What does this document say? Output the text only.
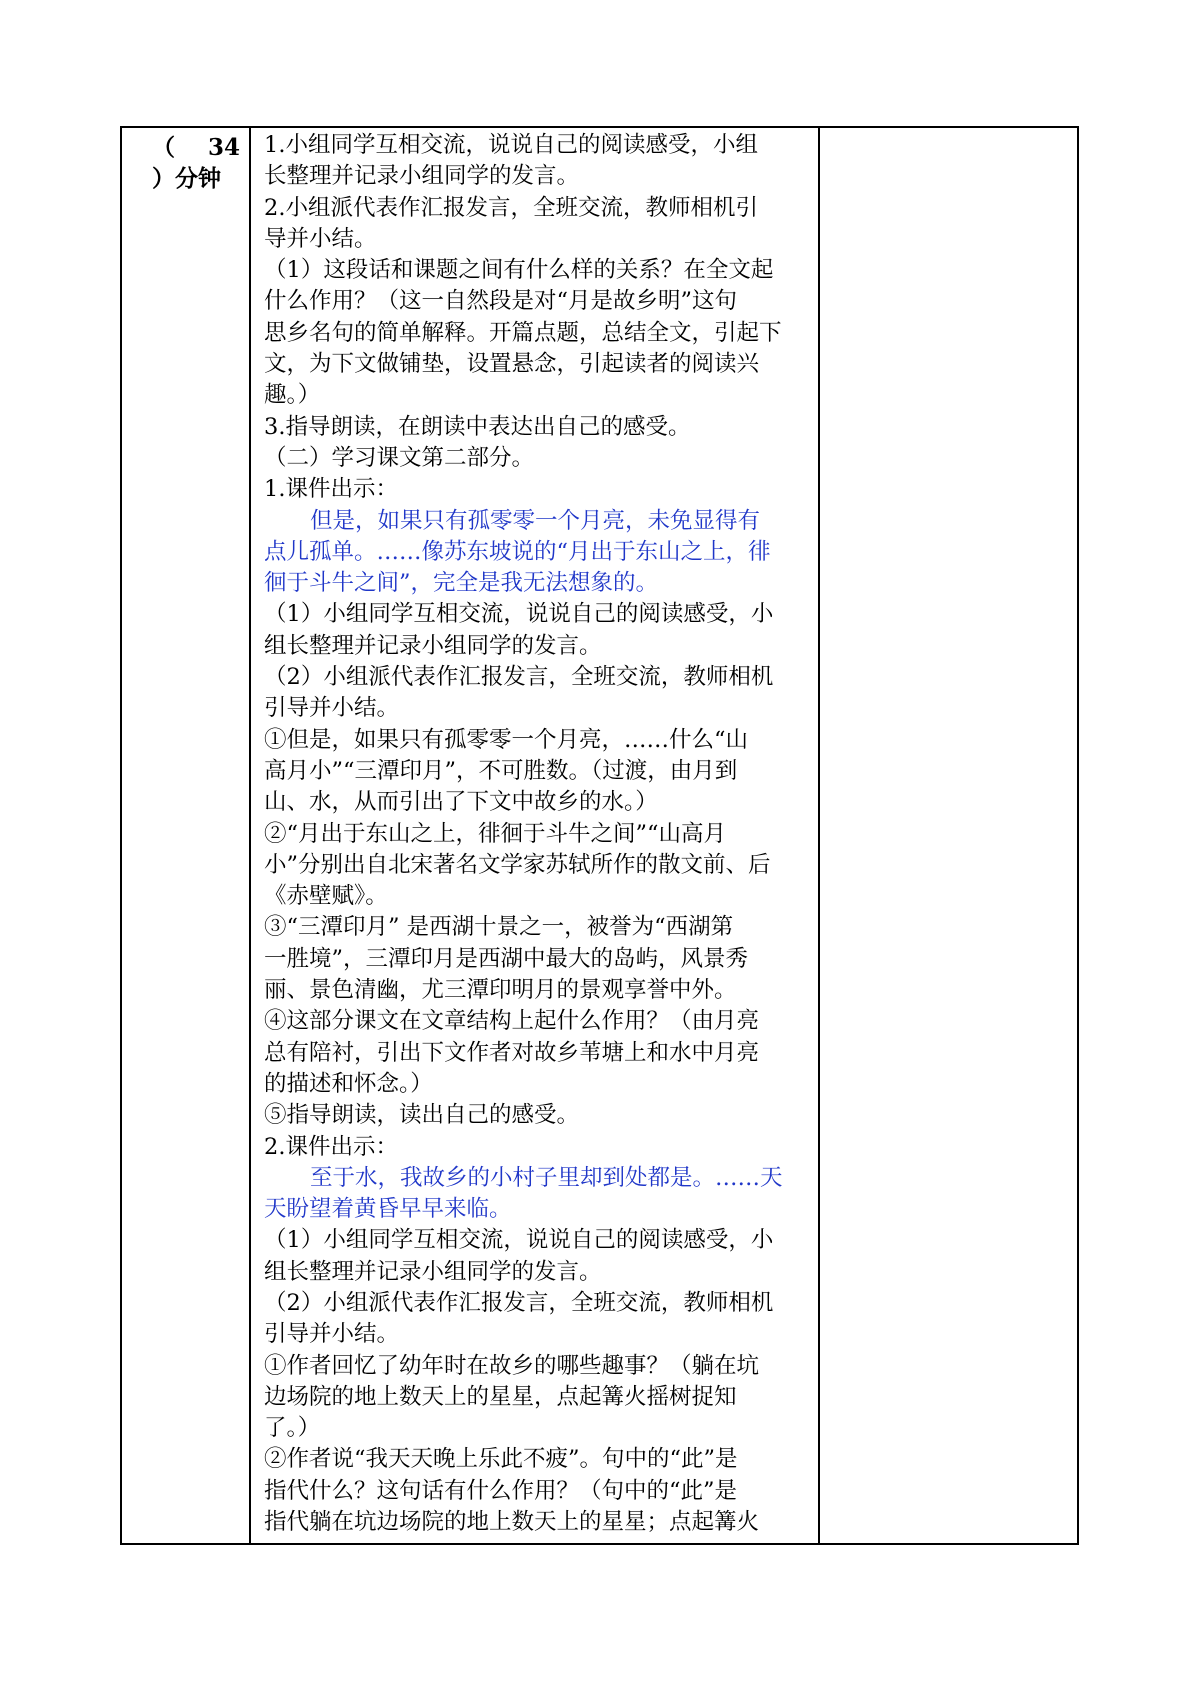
（ 34
）分钟
1.小组同学互相交流，说说自己的阅读感受，小组
长整理并记录小组同学的发言。
2.小组派代表作汇报发言，全班交流，教师相机引
导并小结。
（1）这段话和课题之间有什么样的关系？在全文起
什么作用？（这一自然段是对“月是故乡明”这句
思乡名句的简单解释。开篇点题，总结全文，引起下
文，为下文做铺垫，设置悬念，引起读者的阅读兴
趣。）
3.指导朗读，在朗读中表达出自己的感受。
（二）学习课文第二部分。
1.课件出示：
但是，如果只有孤零零一个月亮，未免显得有
点儿孤单。……像苏东坡说的“月出于东山之上，徘
徊于斗牛之间”，完全是我无法想象的。
（1）小组同学互相交流，说说自己的阅读感受，小
组长整理并记录小组同学的发言。
（2）小组派代表作汇报发言，全班交流，教师相机
引导并小结。
①但是，如果只有孤零零一个月亮，……什么“山
高月小”“三潭印月”，不可胜数。（过渡，由月到
山、水，从而引出了下文中故乡的水。）
②“月出于东山之上，徘徊于斗牛之间”“山高月
小”分别出自北宋著名文学家苏轼所作的散文前、后
《赤壁赋》。
③“三潭印月” 是西湖十景之一，被誉为“西湖第
一胜境”，三潭印月是西湖中最大的岛屿，风景秀
丽、景色清幽，尤三潭印明月的景观享誉中外。
④这部分课文在文章结构上起什么作用？（由月亮
总有陪衬，引出下文作者对故乡苇塘上和水中月亮
的描述和怀念。）
⑤指导朗读，读出自己的感受。
2.课件出示：
至于水，我故乡的小村子里却到处都是。……天
天盼望着黄昏早早来临。
（1）小组同学互相交流，说说自己的阅读感受，小
组长整理并记录小组同学的发言。
（2）小组派代表作汇报发言，全班交流，教师相机
引导并小结。
①作者回忆了幼年时在故乡的哪些趣事？（躺在坑
边场院的地上数天上的星星，点起篝火摇树捉知
了。）
②作者说“我天天晚上乐此不疲”。句中的“此”是
指代什么？这句话有什么作用？（句中的“此”是
指代躺在坑边场院的地上数天上的星星；点起篝火
